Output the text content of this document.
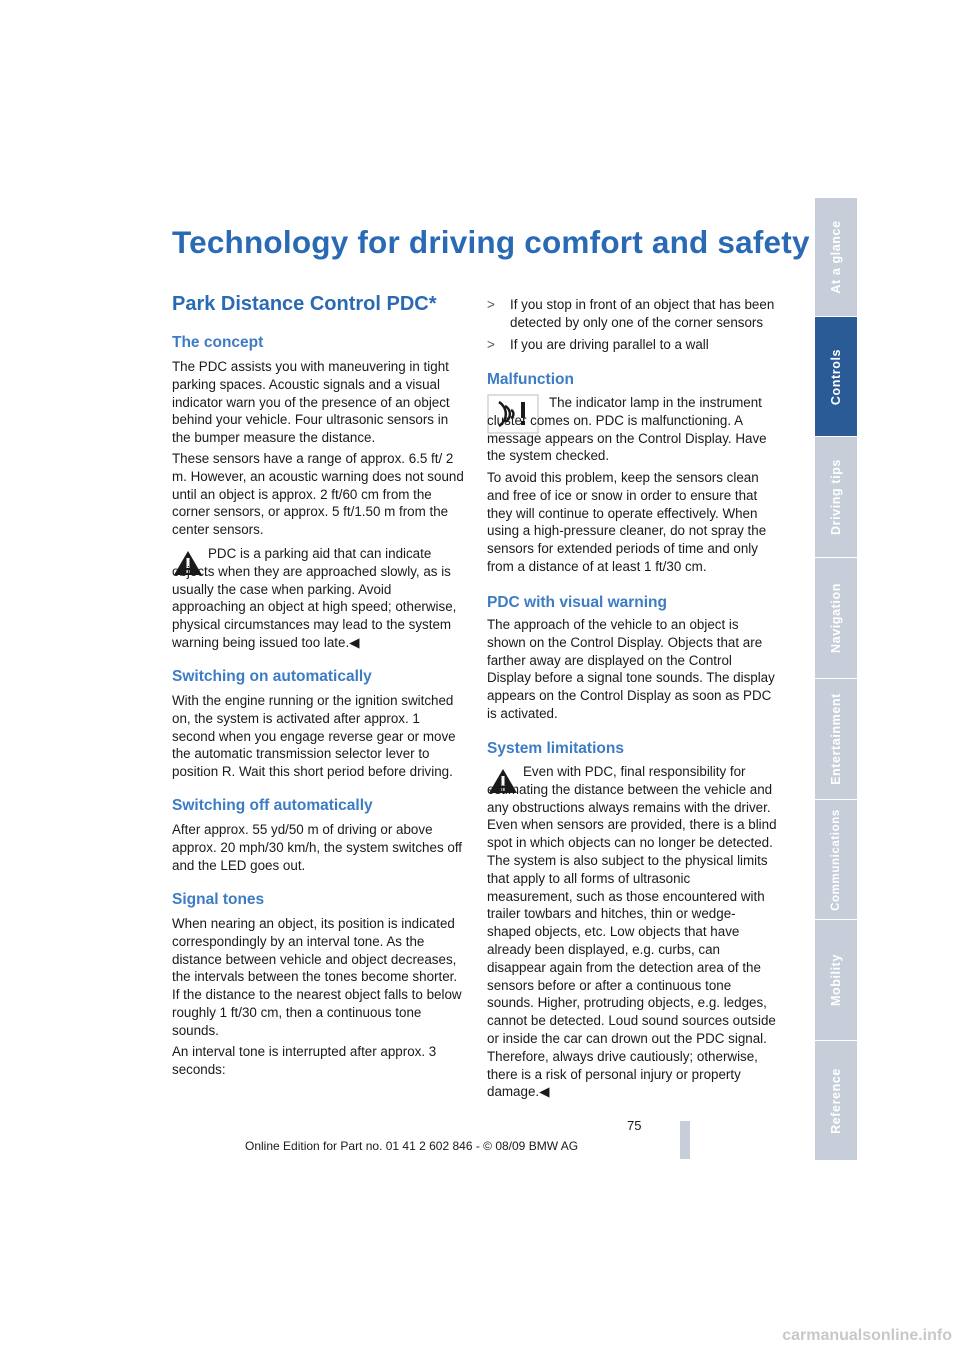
Technology for driving comfort and safety
Park Distance Control PDC*
The concept

The PDC assists you with maneuvering in tight parking spaces. Acoustic signals and a visual indicator warn you of the presence of an object behind your vehicle. Four ultrasonic sensors in the bumper measure the distance.

These sensors have a range of approx. 6.5 ft/ 2 m. However, an acoustic warning does not sound until an object is approx. 2 ft/60 cm from the corner sensors, or approx. 5 ft/1.50 m from the center sensors.

PDC is a parking aid that can indicate objects when they are approached slowly, as is usually the case when parking. Avoid approaching an object at high speed; otherwise, physical circumstances may lead to the system warning being issued too late.◀

Switching on automatically

With the engine running or the ignition switched on, the system is activated after approx. 1 second when you engage reverse gear or move the automatic transmission selector lever to position R. Wait this short period before driving.

Switching off automatically

After approx. 55 yd/50 m of driving or above approx. 20 mph/30 km/h, the system switches off and the LED goes out.

Signal tones

When nearing an object, its position is indicated correspondingly by an interval tone. As the distance between vehicle and object decreases, the intervals between the tones become shorter. If the distance to the nearest object falls to below roughly 1 ft/30 cm, then a continuous tone sounds.

An interval tone is interrupted after approx. 3 seconds:

> If you stop in front of an object that has been detected by only one of the corner sensors
> If you are driving parallel to a wall
Malfunction

The indicator lamp in the instrument cluster comes on. PDC is malfunctioning. A message appears on the Control Display. Have the system checked.

To avoid this problem, keep the sensors clean and free of ice or snow in order to ensure that they will continue to operate effectively. When using a high-pressure cleaner, do not spray the sensors for extended periods of time and only from a distance of at least 1 ft/30 cm.

PDC with visual warning

The approach of the vehicle to an object is shown on the Control Display. Objects that are farther away are displayed on the Control Display before a signal tone sounds. The display appears on the Control Display as soon as PDC is activated.

System limitations

Even with PDC, final responsibility for estimating the distance between the vehicle and any obstructions always remains with the driver. Even when sensors are provided, there is a blind spot in which objects can no longer be detected. The system is also subject to the physical limits that apply to all forms of ultrasonic measurement, such as those encountered with trailer towbars and hitches, thin or wedge-shaped objects, etc. Low objects that have already been displayed, e.g. curbs, can disappear again from the detection area of the sensors before or after a continuous tone sounds. Higher, protruding objects, e.g. ledges, cannot be detected. Loud sound sources outside or inside the car can drown out the PDC signal. Therefore, always drive cautiously; otherwise, there is a risk of personal injury or property damage.◀

At a glance
Controls
Driving tips
Navigation
Entertainment
Communications
Mobility
Reference
75
Online Edition for Part no. 01 41 2 602 846 - © 08/09 BMW AG
carmanualsonline.info
